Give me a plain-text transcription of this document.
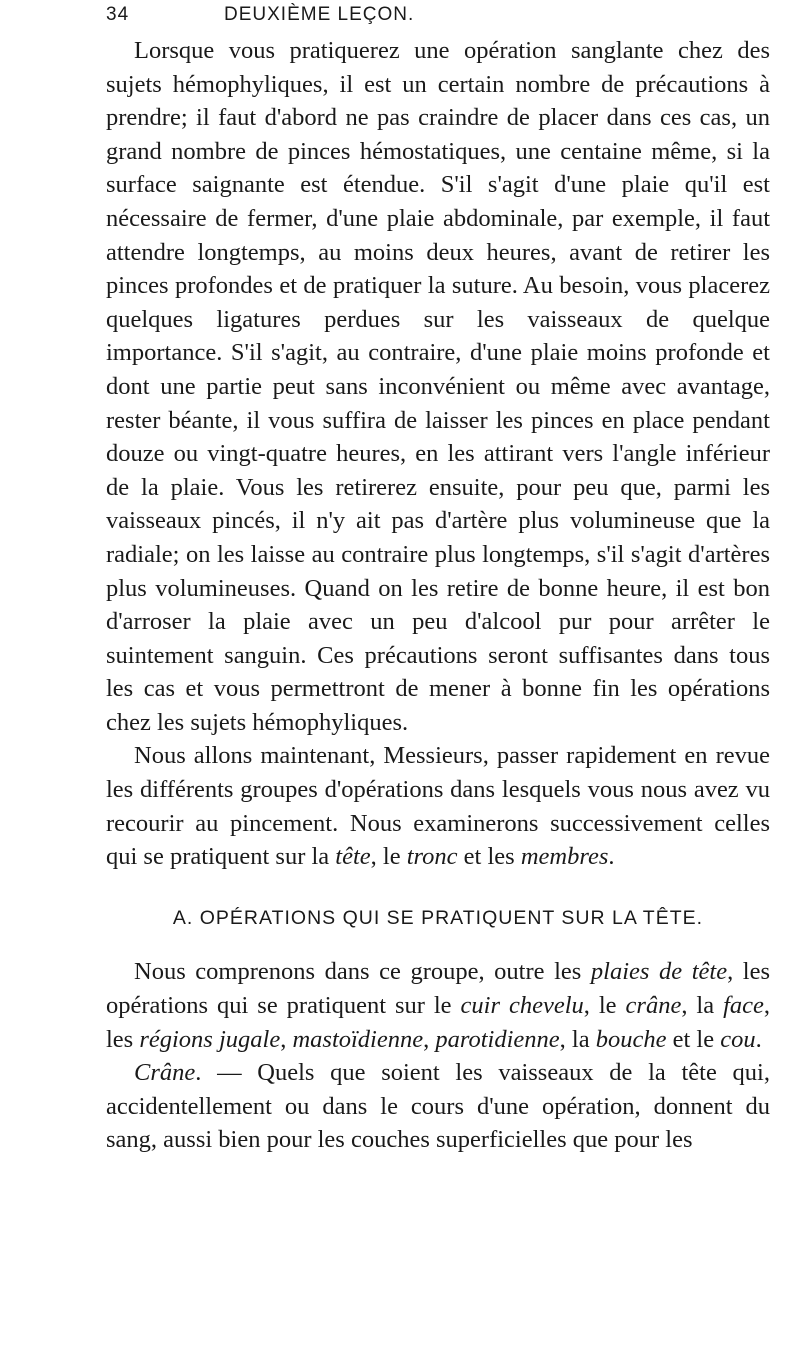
34	DEUXIÈME LEÇON.

Lorsque vous pratiquerez une opération sanglante chez des sujets hémophyliques, il est un certain nombre de précautions à prendre; il faut d'abord ne pas craindre de placer dans ces cas, un grand nombre de pinces hémostatiques, une centaine même, si la surface saignante est étendue. S'il s'agit d'une plaie qu'il est nécessaire de fermer, d'une plaie abdominale, par exemple, il faut attendre longtemps, au moins deux heures, avant de retirer les pinces profondes et de pratiquer la suture. Au besoin, vous placerez quelques ligatures perdues sur les vaisseaux de quelque importance. S'il s'agit, au contraire, d'une plaie moins profonde et dont une partie peut sans inconvénient ou même avec avantage, rester béante, il vous suffira de laisser les pinces en place pendant douze ou vingt-quatre heures, en les attirant vers l'angle inférieur de la plaie. Vous les retirerez ensuite, pour peu que, parmi les vaisseaux pincés, il n'y ait pas d'artère plus volumineuse que la radiale; on les laisse au contraire plus longtemps, s'il s'agit d'artères plus volumineuses. Quand on les retire de bonne heure, il est bon d'arroser la plaie avec un peu d'alcool pur pour arrêter le suintement sanguin. Ces précautions seront suffisantes dans tous les cas et vous permettront de mener à bonne fin les opérations chez les sujets hémophyliques.

Nous allons maintenant, Messieurs, passer rapidement en revue les différents groupes d'opérations dans lesquels vous nous avez vu recourir au pincement. Nous examinerons successivement celles qui se pratiquent sur la tête, le tronc et les membres.

A. OPÉRATIONS QUI SE PRATIQUENT SUR LA TÊTE.

Nous comprenons dans ce groupe, outre les plaies de tête, les opérations qui se pratiquent sur le cuir chevelu, le crâne, la face, les régions jugale, mastoïdienne, parotidienne, la bouche et le cou.

Crâne. — Quels que soient les vaisseaux de la tête qui, accidentellement ou dans le cours d'une opération, donnent du sang, aussi bien pour les couches superficielles que pour les
